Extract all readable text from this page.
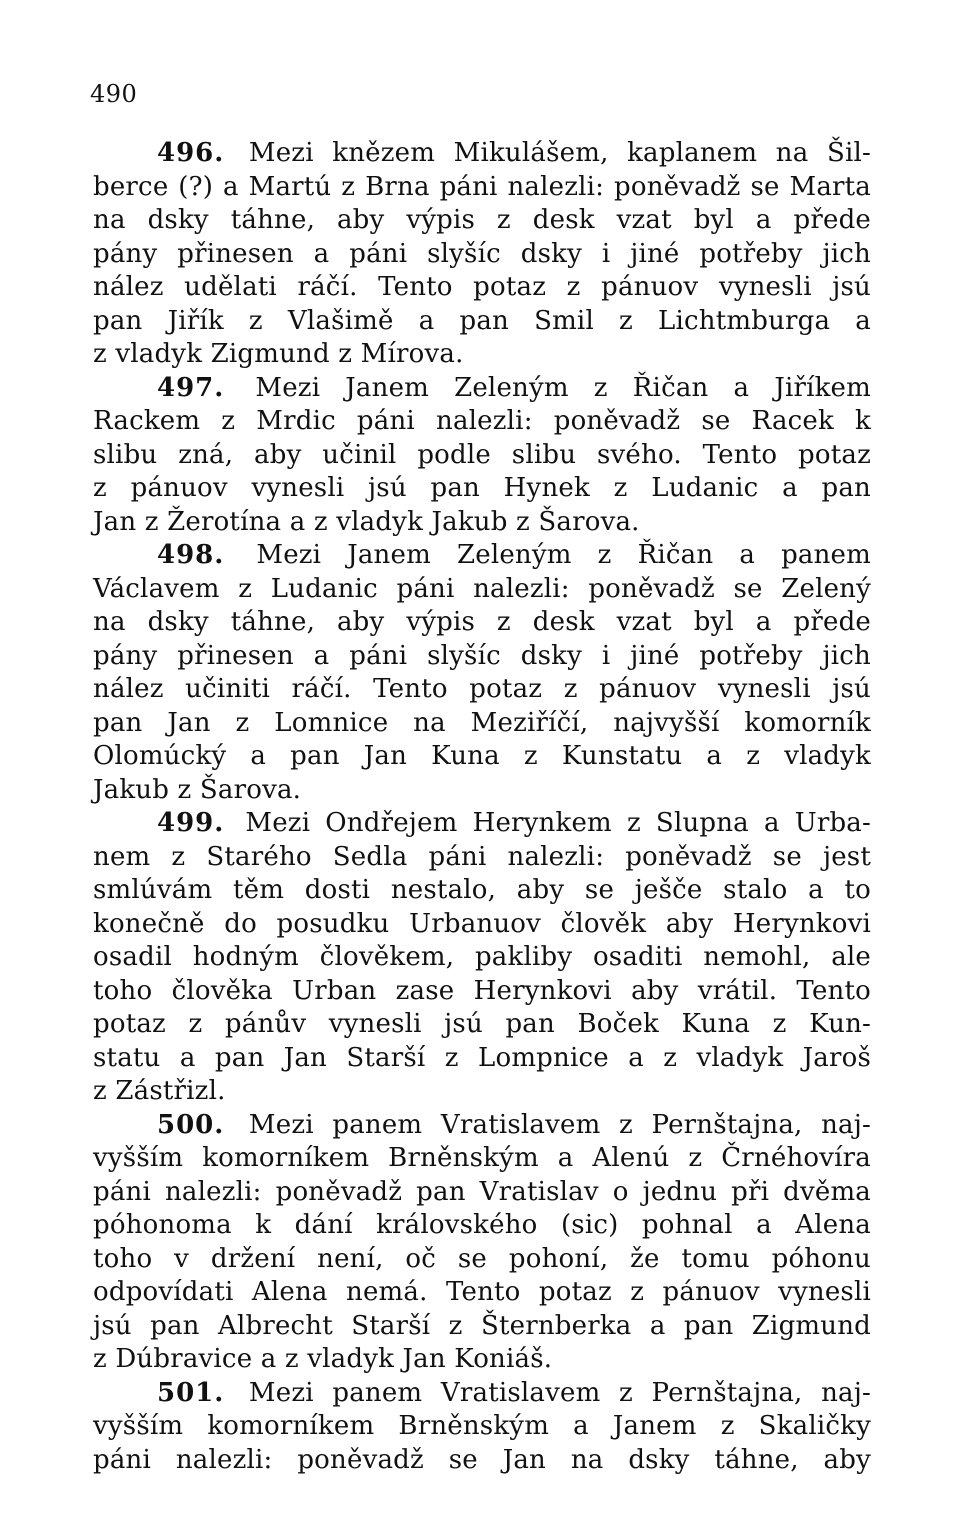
490
496. Mezi knězem Mikulášem, kaplanem na Šil-
berce (?) a Martú z Brna páni nalezli: poněvadž se Marta
na dsky táhne, aby výpis z desk vzat byl a přede
pány přinesen a páni slyšíc dsky i jiné potřeby jich
nález udělati ráčí. Tento potaz z pánuov vynesli jsú
pan Jiřík z Vlašimě a pan Smil z Lichtmburga a
z vladyk Zigmund z Mírova.
497. Mezi Janem Zeleným z Řičan a Jiříkem
Rackem z Mrdic páni nalezli: poněvadž se Racek k
slibu zná, aby učinil podle slibu svého. Tento potaz
z pánuov vynesli jsú pan Hynek z Ludanic a pan
Jan z Žerotína a z vladyk Jakub z Šarova.
498. Mezi Janem Zeleným z Řičan a panem
Václavem z Ludanic páni nalezli: poněvadž se Zelený
na dsky táhne, aby výpis z desk vzat byl a přede
pány přinesen a páni slyšíc dsky i jiné potřeby jich
nález učiniti ráčí. Tento potaz z pánuov vynesli jsú
pan Jan z Lomnice na Meziříčí, najvyšší komorník
Olomúcký a pan Jan Kuna z Kunstatu a z vladyk
Jakub z Šarova.
499. Mezi Ondřejem Herynkem z Slupna a Urba-
nem z Starého Sedla páni nalezli: poněvadž se jest
smlúvám těm dosti nestalo, aby se ješče stalo a to
konečně do posudku Urbanuov člověk aby Herynkovi
osadil hodným člověkem, pakliby osaditi nemohl, ale
toho člověka Urban zase Herynkovi aby vrátil. Tento
potaz z pánův vynesli jsú pan Boček Kuna z Kun-
statu a pan Jan Starší z Lompnice a z vladyk Jaroš
z Zástřizl.
500. Mezi panem Vratislavem z Pernštajna, naj-
vyšším komorníkem Brněnským a Alenú z Črnéhovíra
páni nalezli: poněvadž pan Vratislav o jednu při dvěma
póhonoma k dání královského (sic) pohnal a Alena
toho v držení není, oč se pohoní, že tomu póhonu
odpovídati Alena nemá. Tento potaz z pánuov vynesli
jsú pan Albrecht Starší z Šternberka a pan Zigmund
z Dúbravice a z vladyk Jan Koniáš.
501. Mezi panem Vratislavem z Pernštajna, naj-
vyšším komorníkem Brněnským a Janem z Skaličky
páni nalezli: poněvadž se Jan na dsky táhne, aby
